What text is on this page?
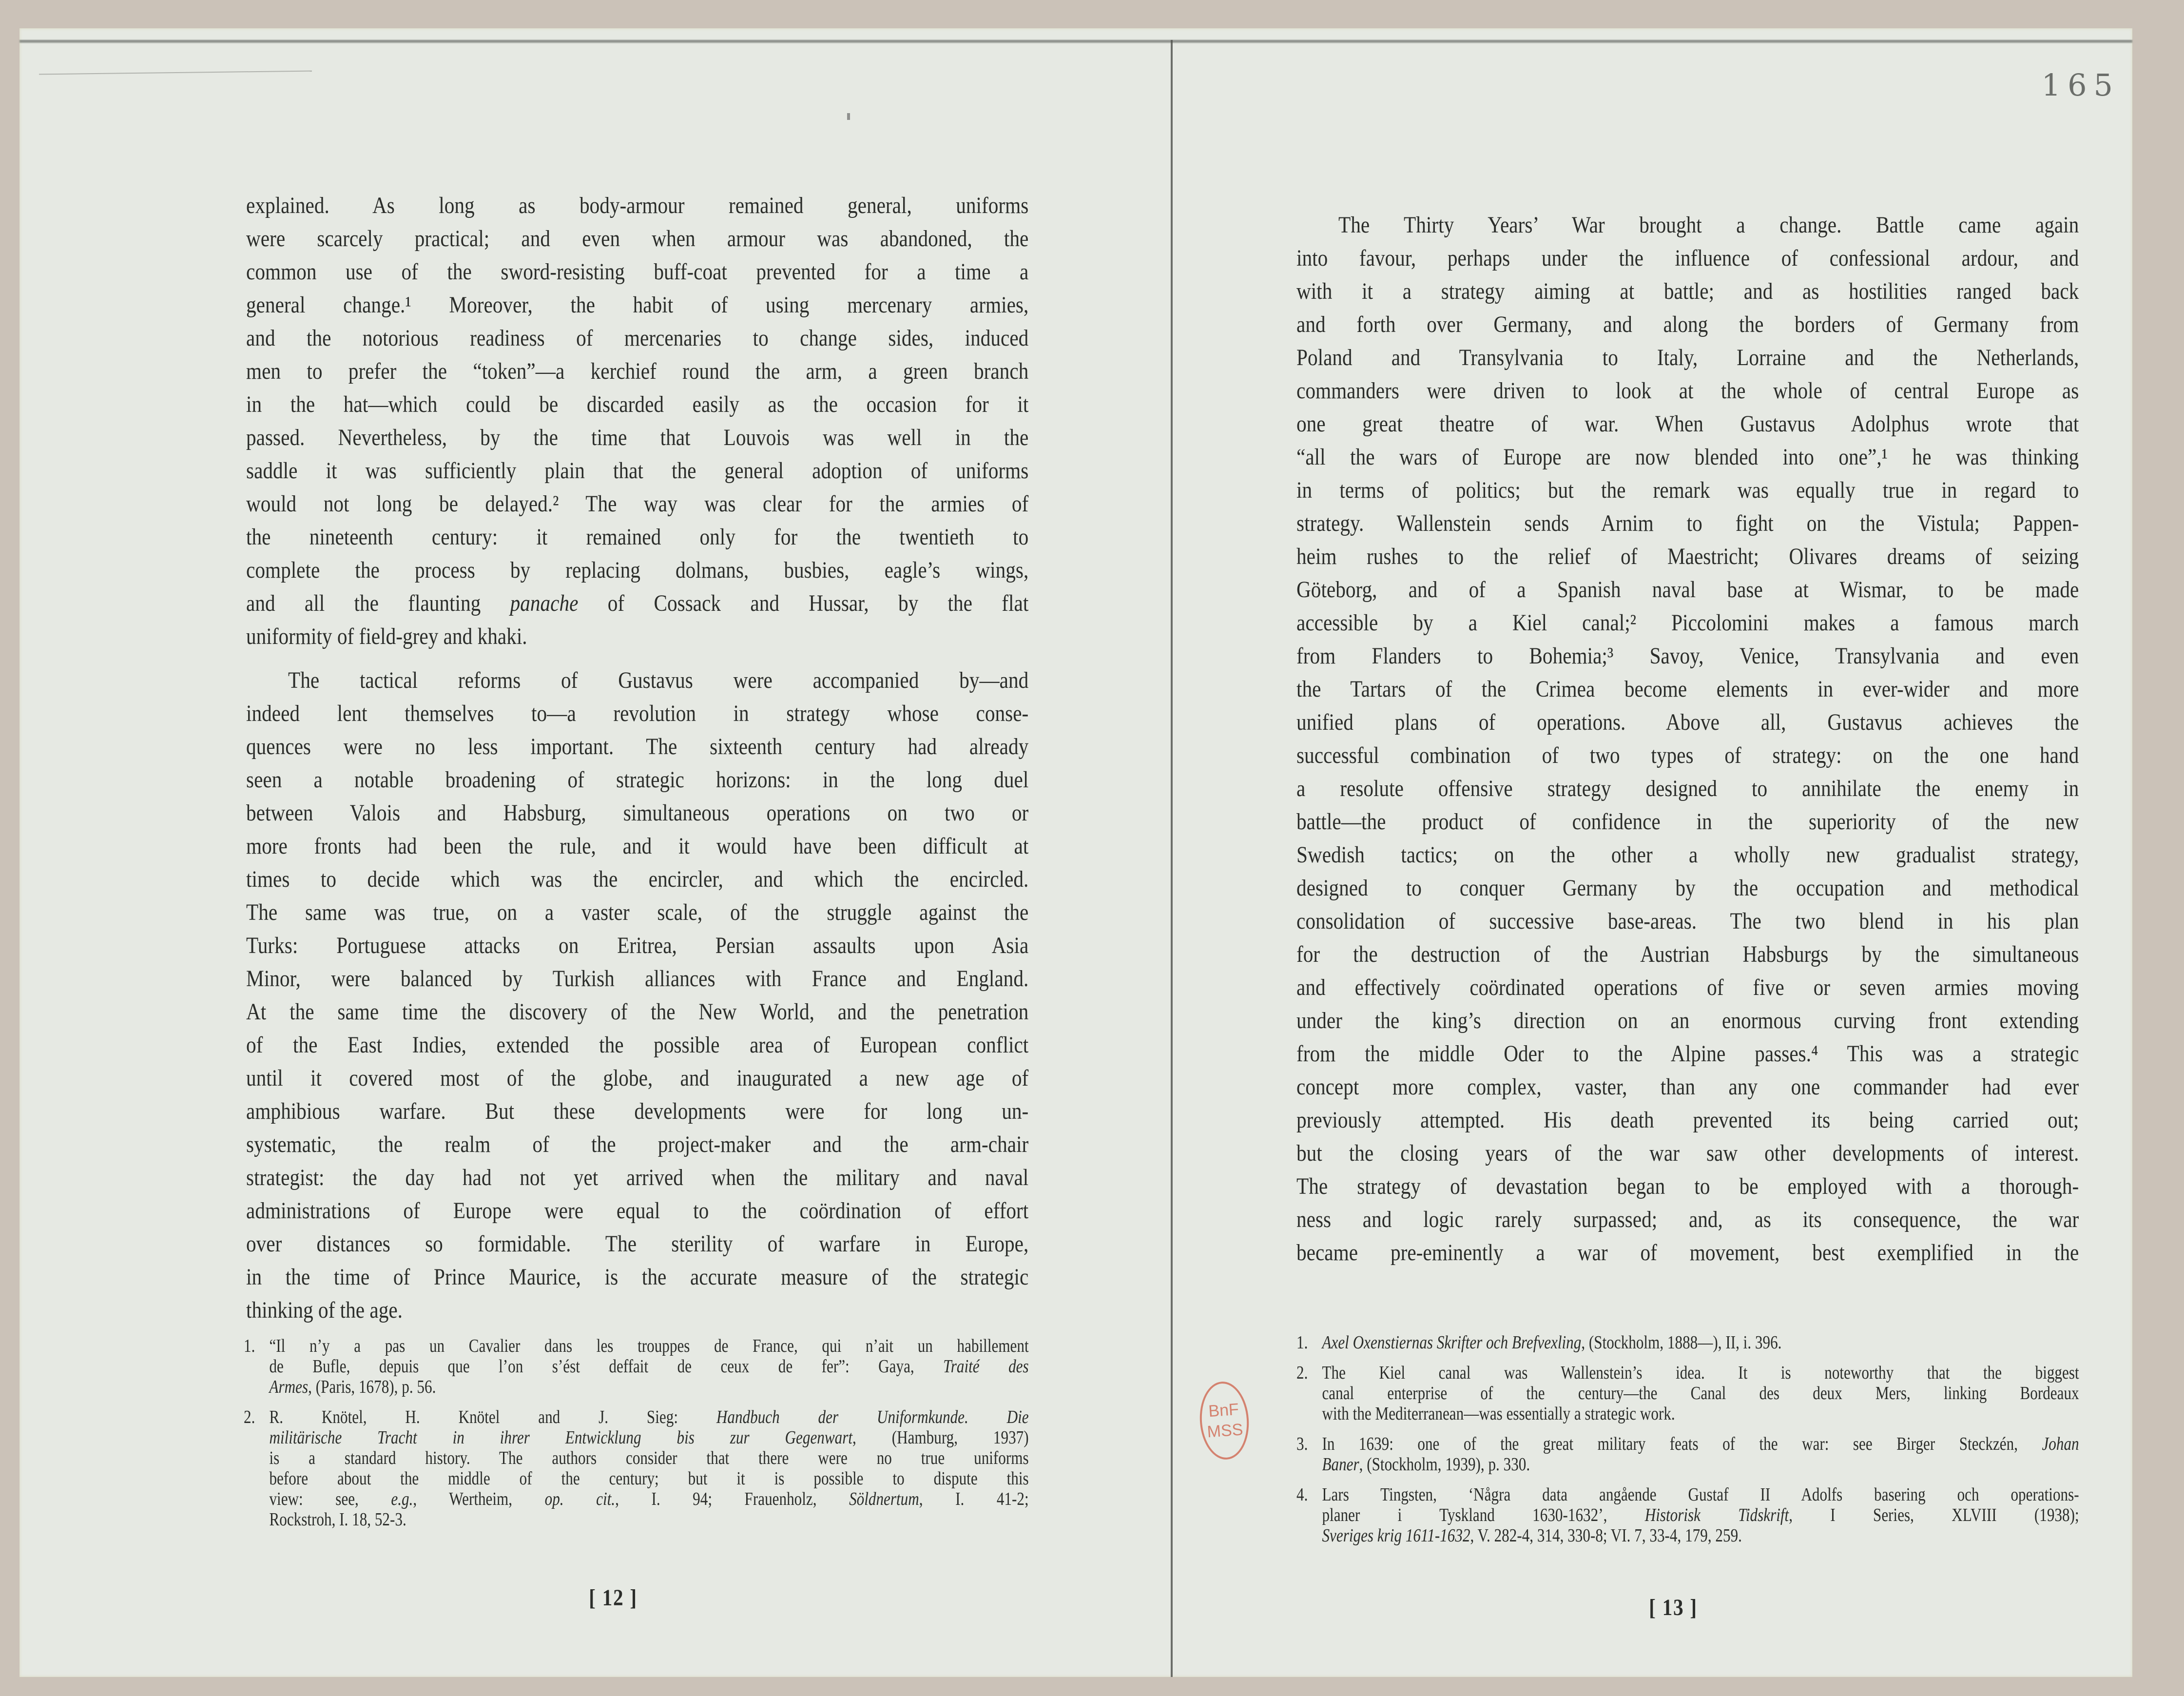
165
explained. As long as body-armour remained general, uniforms
were scarcely practical; and even when armour was abandoned, the
common use of the sword-resisting buff-coat prevented for a time a
general change.¹ Moreover, the habit of using mercenary armies,
and the notorious readiness of mercenaries to change sides, induced
men to prefer the “token”—a kerchief round the arm, a green branch
in the hat—which could be discarded easily as the occasion for it
passed. Nevertheless, by the time that Louvois was well in the
saddle it was sufficiently plain that the general adoption of uniforms
would not long be delayed.² The way was clear for the armies of
the nineteenth century: it remained only for the twentieth to
complete the process by replacing dolmans, busbies, eagle’s wings,
and all the flaunting panache of Cossack and Hussar, by the flat
uniformity of field-grey and khaki.
The tactical reforms of Gustavus were accompanied by—and
indeed lent themselves to—a revolution in strategy whose conse-
quences were no less important. The sixteenth century had already
seen a notable broadening of strategic horizons: in the long duel
between Valois and Habsburg, simultaneous operations on two or
more fronts had been the rule, and it would have been difficult at
times to decide which was the encircler, and which the encircled.
The same was true, on a vaster scale, of the struggle against the
Turks: Portuguese attacks on Eritrea, Persian assaults upon Asia
Minor, were balanced by Turkish alliances with France and England.
At the same time the discovery of the New World, and the penetration
of the East Indies, extended the possible area of European conflict
until it covered most of the globe, and inaugurated a new age of
amphibious warfare. But these developments were for long un-
systematic, the realm of the project-maker and the arm-chair
strategist: the day had not yet arrived when the military and naval
administrations of Europe were equal to the coördination of effort
over distances so formidable. The sterility of warfare in Europe,
in the time of Prince Maurice, is the accurate measure of the strategic
thinking of the age.
The Thirty Years’ War brought a change. Battle came again
into favour, perhaps under the influence of confessional ardour, and
with it a strategy aiming at battle; and as hostilities ranged back
and forth over Germany, and along the borders of Germany from
Poland and Transylvania to Italy, Lorraine and the Netherlands,
commanders were driven to look at the whole of central Europe as
one great theatre of war. When Gustavus Adolphus wrote that
“all the wars of Europe are now blended into one”,¹ he was thinking
in terms of politics; but the remark was equally true in regard to
strategy. Wallenstein sends Arnim to fight on the Vistula; Pappen-
heim rushes to the relief of Maestricht; Olivares dreams of seizing
Göteborg, and of a Spanish naval base at Wismar, to be made
accessible by a Kiel canal;² Piccolomini makes a famous march
from Flanders to Bohemia;³ Savoy, Venice, Transylvania and even
the Tartars of the Crimea become elements in ever-wider and more
unified plans of operations. Above all, Gustavus achieves the
successful combination of two types of strategy: on the one hand
a resolute offensive strategy designed to annihilate the enemy in
battle—the product of confidence in the superiority of the new
Swedish tactics; on the other a wholly new gradualist strategy,
designed to conquer Germany by the occupation and methodical
consolidation of successive base-areas. The two blend in his plan
for the destruction of the Austrian Habsburgs by the simultaneous
and effectively coördinated operations of five or seven armies moving
under the king’s direction on an enormous curving front extending
from the middle Oder to the Alpine passes.⁴ This was a strategic
concept more complex, vaster, than any one commander had ever
previously attempted. His death prevented its being carried out;
but the closing years of the war saw other developments of interest.
The strategy of devastation began to be employed with a thorough-
ness and logic rarely surpassed; and, as its consequence, the war
became pre-eminently a war of movement, best exemplified in the
1. “Il n’y a pas un Cavalier dans les trouppes de France, qui n’ait un habillement
de Bufle, depuis que l’on s’ést deffait de ceux de fer”: Gaya, Traité des
Armes, (Paris, 1678), p. 56.
2. R. Knötel, H. Knötel and J. Sieg: Handbuch der Uniformkunde. Die
militärische Tracht in ihrer Entwicklung bis zur Gegenwart, (Hamburg, 1937)
is a standard history. The authors consider that there were no true uniforms
before about the middle of the century; but it is possible to dispute this
view: see, e.g., Wertheim, op. cit., I. 94; Frauenholz, Söldnertum, I. 41-2;
Rockstroh, I. 18, 52-3.
1. Axel Oxenstiernas Skrifter och Brefvexling, (Stockholm, 1888—), II, i. 396.
2. The Kiel canal was Wallenstein’s idea. It is noteworthy that the biggest
canal enterprise of the century—the Canal des deux Mers, linking Bordeaux
with the Mediterranean—was essentially a strategic work.
3. In 1639: one of the great military feats of the war: see Birger Steckzén, Johan
Baner, (Stockholm, 1939), p. 330.
4. Lars Tingsten, ‘Några data angående Gustaf II Adolfs basering och operations-
planer i Tyskland 1630-1632’, Historisk Tidskrift, I Series, XLVIII (1938);
Sveriges krig 1611-1632, V. 282-4, 314, 330-8; VI. 7, 33-4, 179, 259.
[ 12 ]	[ 13 ]
BnF
MSS
